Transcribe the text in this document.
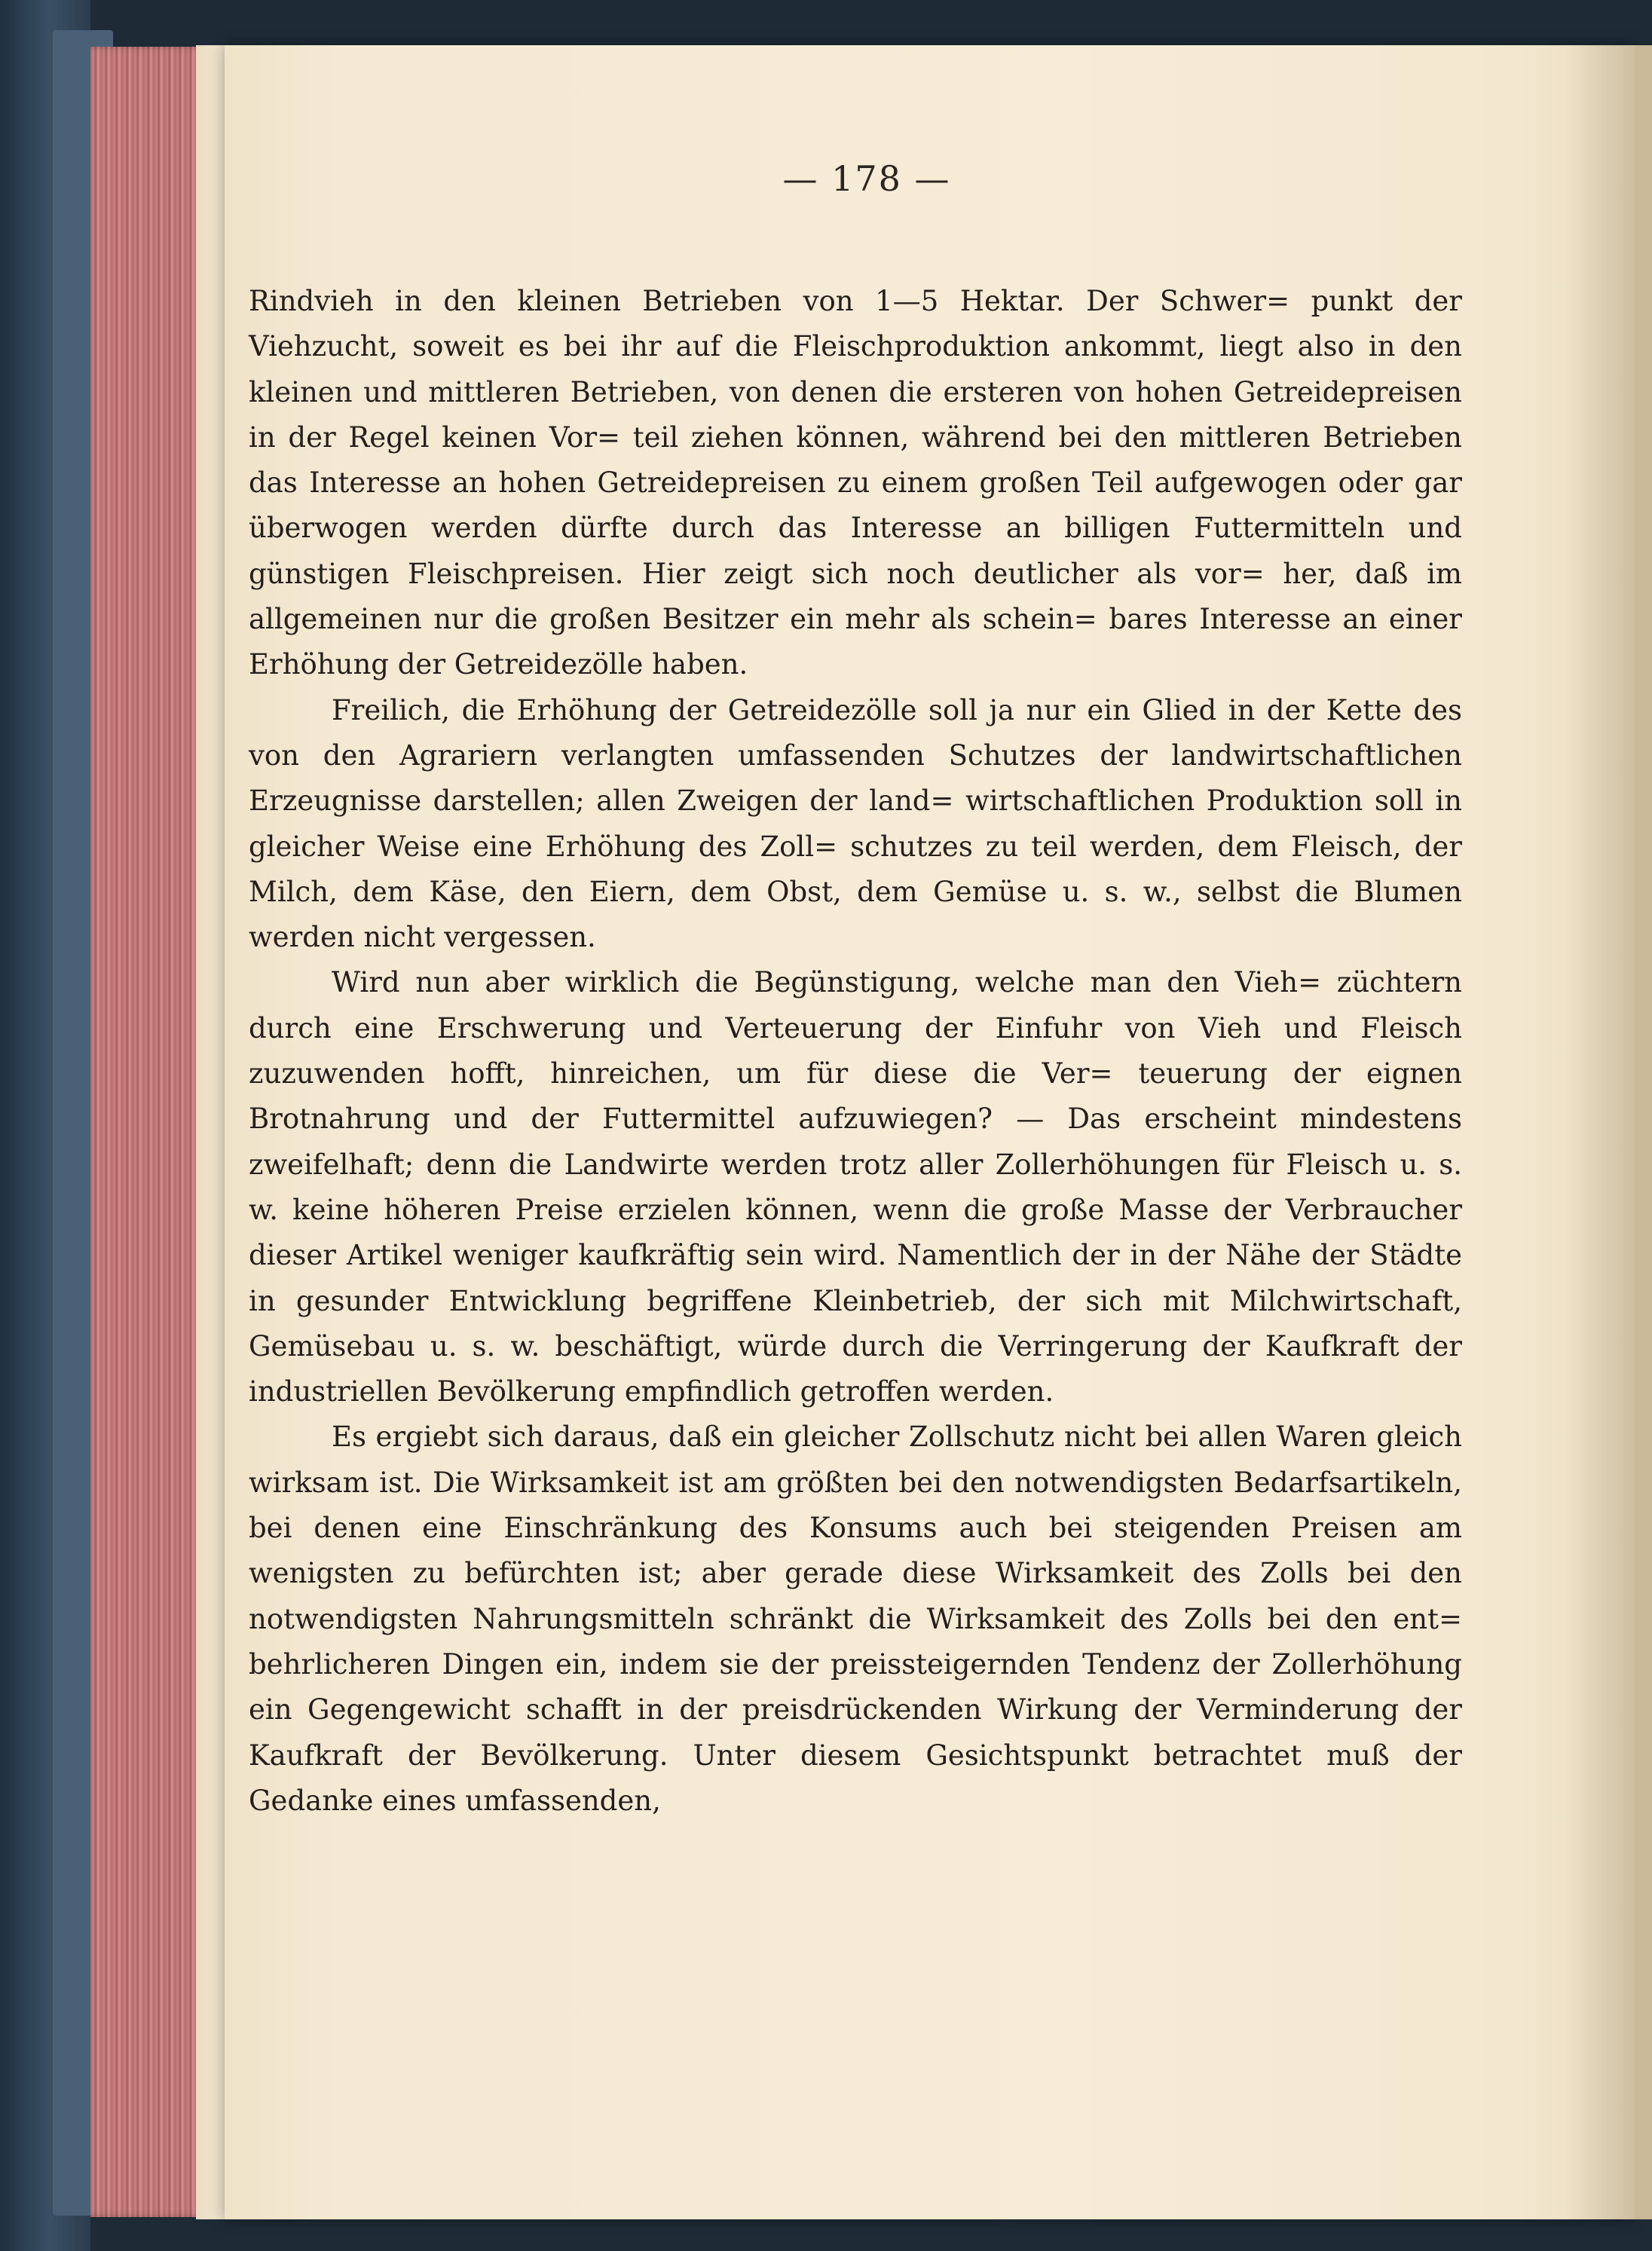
— 178 —

Rindvieh in den kleinen Betrieben von 1—5 Hektar. Der Schwer= punkt der Viehzucht, soweit es bei ihr auf die Fleischproduktion ankommt, liegt also in den kleinen und mittleren Betrieben, von denen die ersteren von hohen Getreidepreisen in der Regel keinen Vor= teil ziehen können, während bei den mittleren Betrieben das Interesse an hohen Getreidepreisen zu einem großen Teil aufgewogen oder gar überwogen werden dürfte durch das Interesse an billigen Futtermitteln und günstigen Fleischpreisen. Hier zeigt sich noch deutlicher als vor= her, daß im allgemeinen nur die großen Besitzer ein mehr als schein= bares Interesse an einer Erhöhung der Getreidezölle haben.

Freilich, die Erhöhung der Getreidezölle soll ja nur ein Glied in der Kette des von den Agrariern verlangten umfassenden Schutzes der landwirtschaftlichen Erzeugnisse darstellen; allen Zweigen der land= wirtschaftlichen Produktion soll in gleicher Weise eine Erhöhung des Zoll= schutzes zu teil werden, dem Fleisch, der Milch, dem Käse, den Eiern, dem Obst, dem Gemüse u. s. w., selbst die Blumen werden nicht vergessen.

Wird nun aber wirklich die Begünstigung, welche man den Vieh= züchtern durch eine Erschwerung und Verteuerung der Einfuhr von Vieh und Fleisch zuzuwenden hofft, hinreichen, um für diese die Ver= teuerung der eignen Brotnahrung und der Futtermittel aufzuwiegen? — Das erscheint mindestens zweifelhaft; denn die Landwirte werden trotz aller Zollerhöhungen für Fleisch u. s. w. keine höheren Preise erzielen können, wenn die große Masse der Verbraucher dieser Artikel weniger kaufkräftig sein wird. Namentlich der in der Nähe der Städte in gesunder Entwicklung begriffene Kleinbetrieb, der sich mit Milchwirtschaft, Gemüsebau u. s. w. beschäftigt, würde durch die Verringerung der Kaufkraft der industriellen Bevölkerung empfindlich getroffen werden.

Es ergiebt sich daraus, daß ein gleicher Zollschutz nicht bei allen Waren gleich wirksam ist. Die Wirksamkeit ist am größten bei den notwendigsten Bedarfsartikeln, bei denen eine Einschränkung des Konsums auch bei steigenden Preisen am wenigsten zu befürchten ist; aber gerade diese Wirksamkeit des Zolls bei den notwendigsten Nahrungsmitteln schränkt die Wirksamkeit des Zolls bei den ent= behrlicheren Dingen ein, indem sie der preissteigernden Tendenz der Zollerhöhung ein Gegengewicht schafft in der preisdrückenden Wirkung der Verminderung der Kaufkraft der Bevölkerung. Unter diesem Gesichtspunkt betrachtet muß der Gedanke eines umfassenden,
